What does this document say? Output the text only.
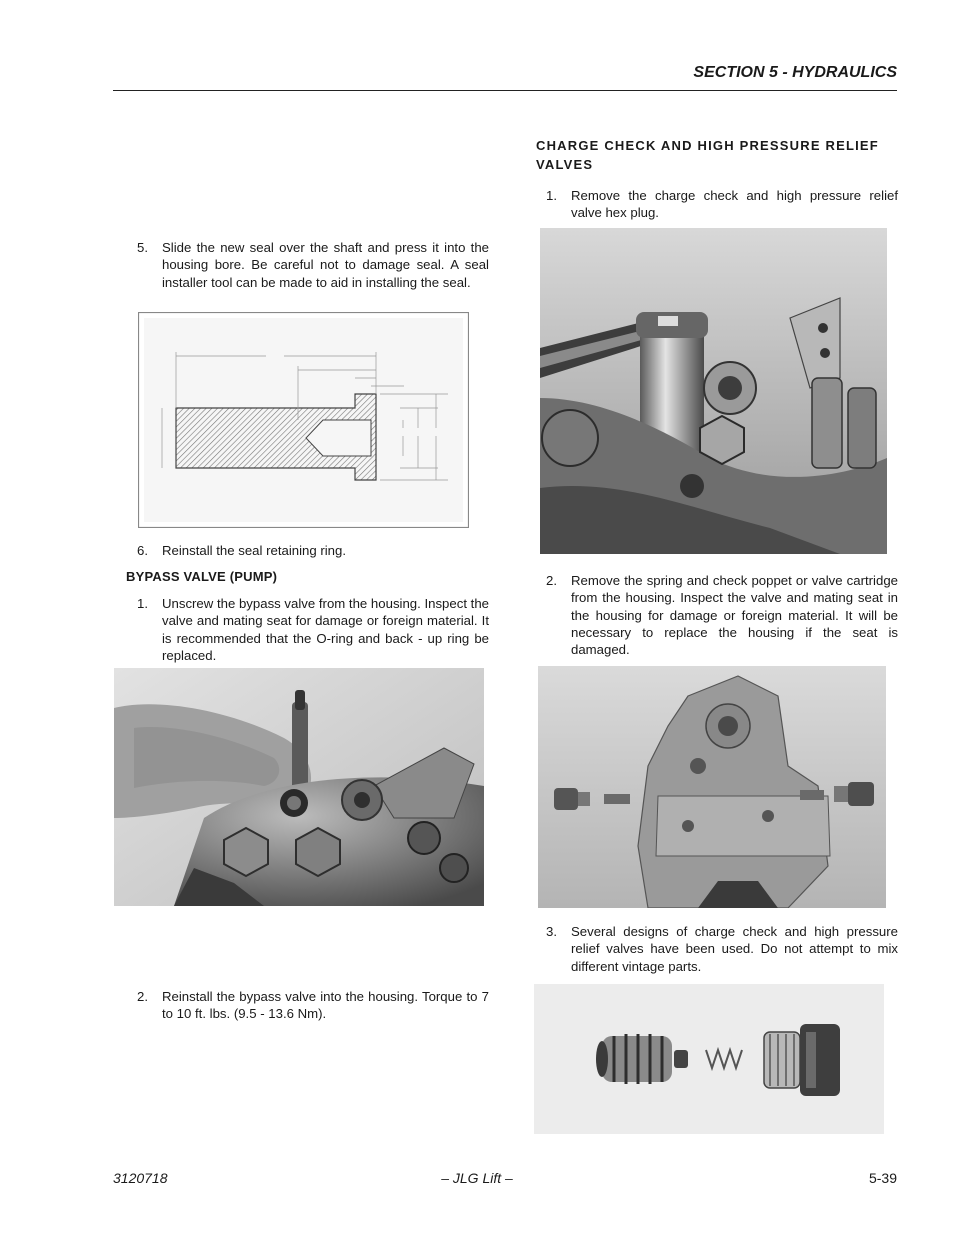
SECTION 5 - HYDRAULICS
5. Slide the new seal over the shaft and press it into the housing bore. Be careful not to damage seal. A seal installer tool can be made to aid in installing the seal.
6. Reinstall the seal retaining ring.
BYPASS VALVE (PUMP)
1. Unscrew the bypass valve from the housing. Inspect the valve and mating seat for damage or foreign material. It is recommended that the O-ring and back - up ring be replaced.
2. Reinstall the bypass valve into the housing. Torque to 7 to 10 ft. lbs. (9.5 - 13.6 Nm).
CHARGE CHECK AND HIGH PRESSURE RELIEF VALVES
1. Remove the charge check and high pressure relief valve hex plug.
2. Remove the spring and check poppet or valve cartridge from the housing. Inspect the valve and mating seat in the housing for damage or foreign material. It will be necessary to replace the housing if the seat is damaged.
3. Several designs of charge check and high pressure relief valves have been used. Do not attempt to mix different vintage parts.
3120718	– JLG Lift –	5-39
